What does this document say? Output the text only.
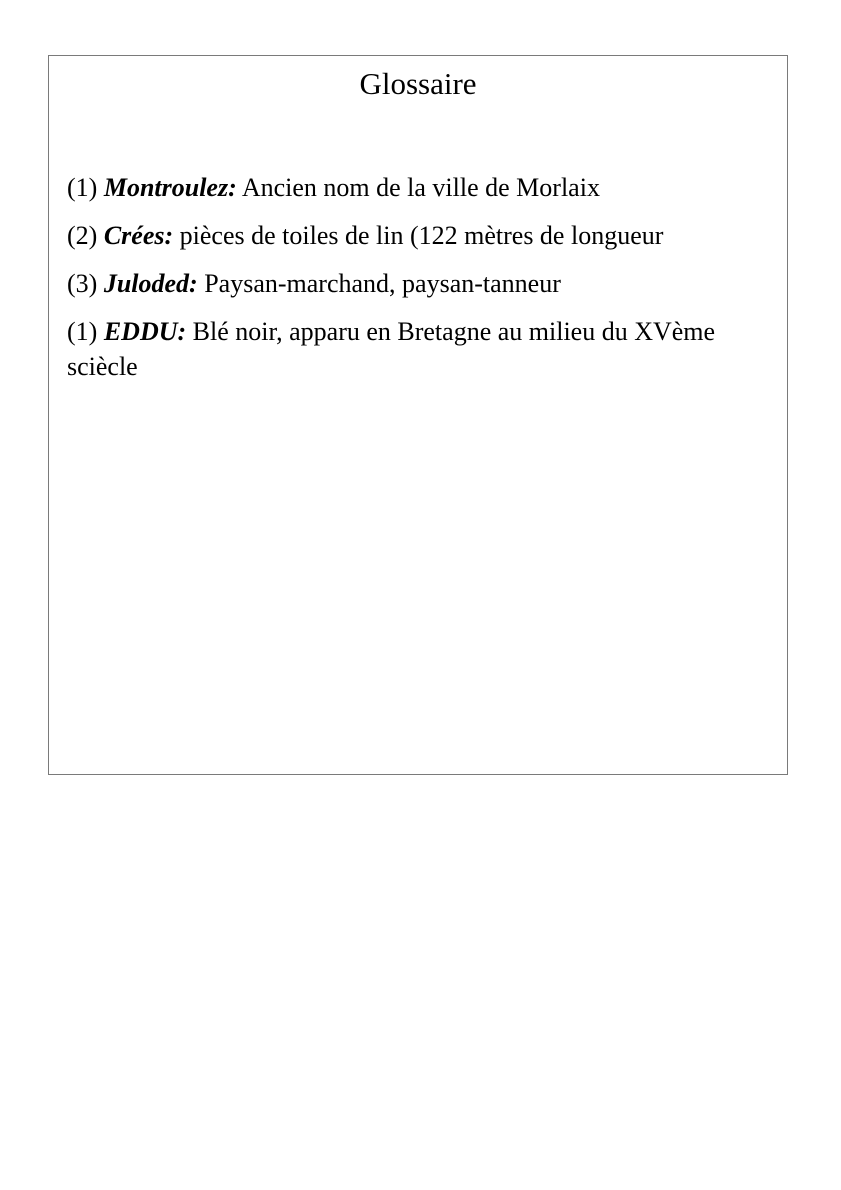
Glossaire
(1) Montroulez: Ancien nom de la ville de Morlaix
(2) Crées: pièces de toiles de lin (122 mètres de longueur
(3) Juloded: Paysan-marchand, paysan-tanneur
(1) EDDU: Blé noir, apparu en Bretagne au milieu du XVème sciècle
